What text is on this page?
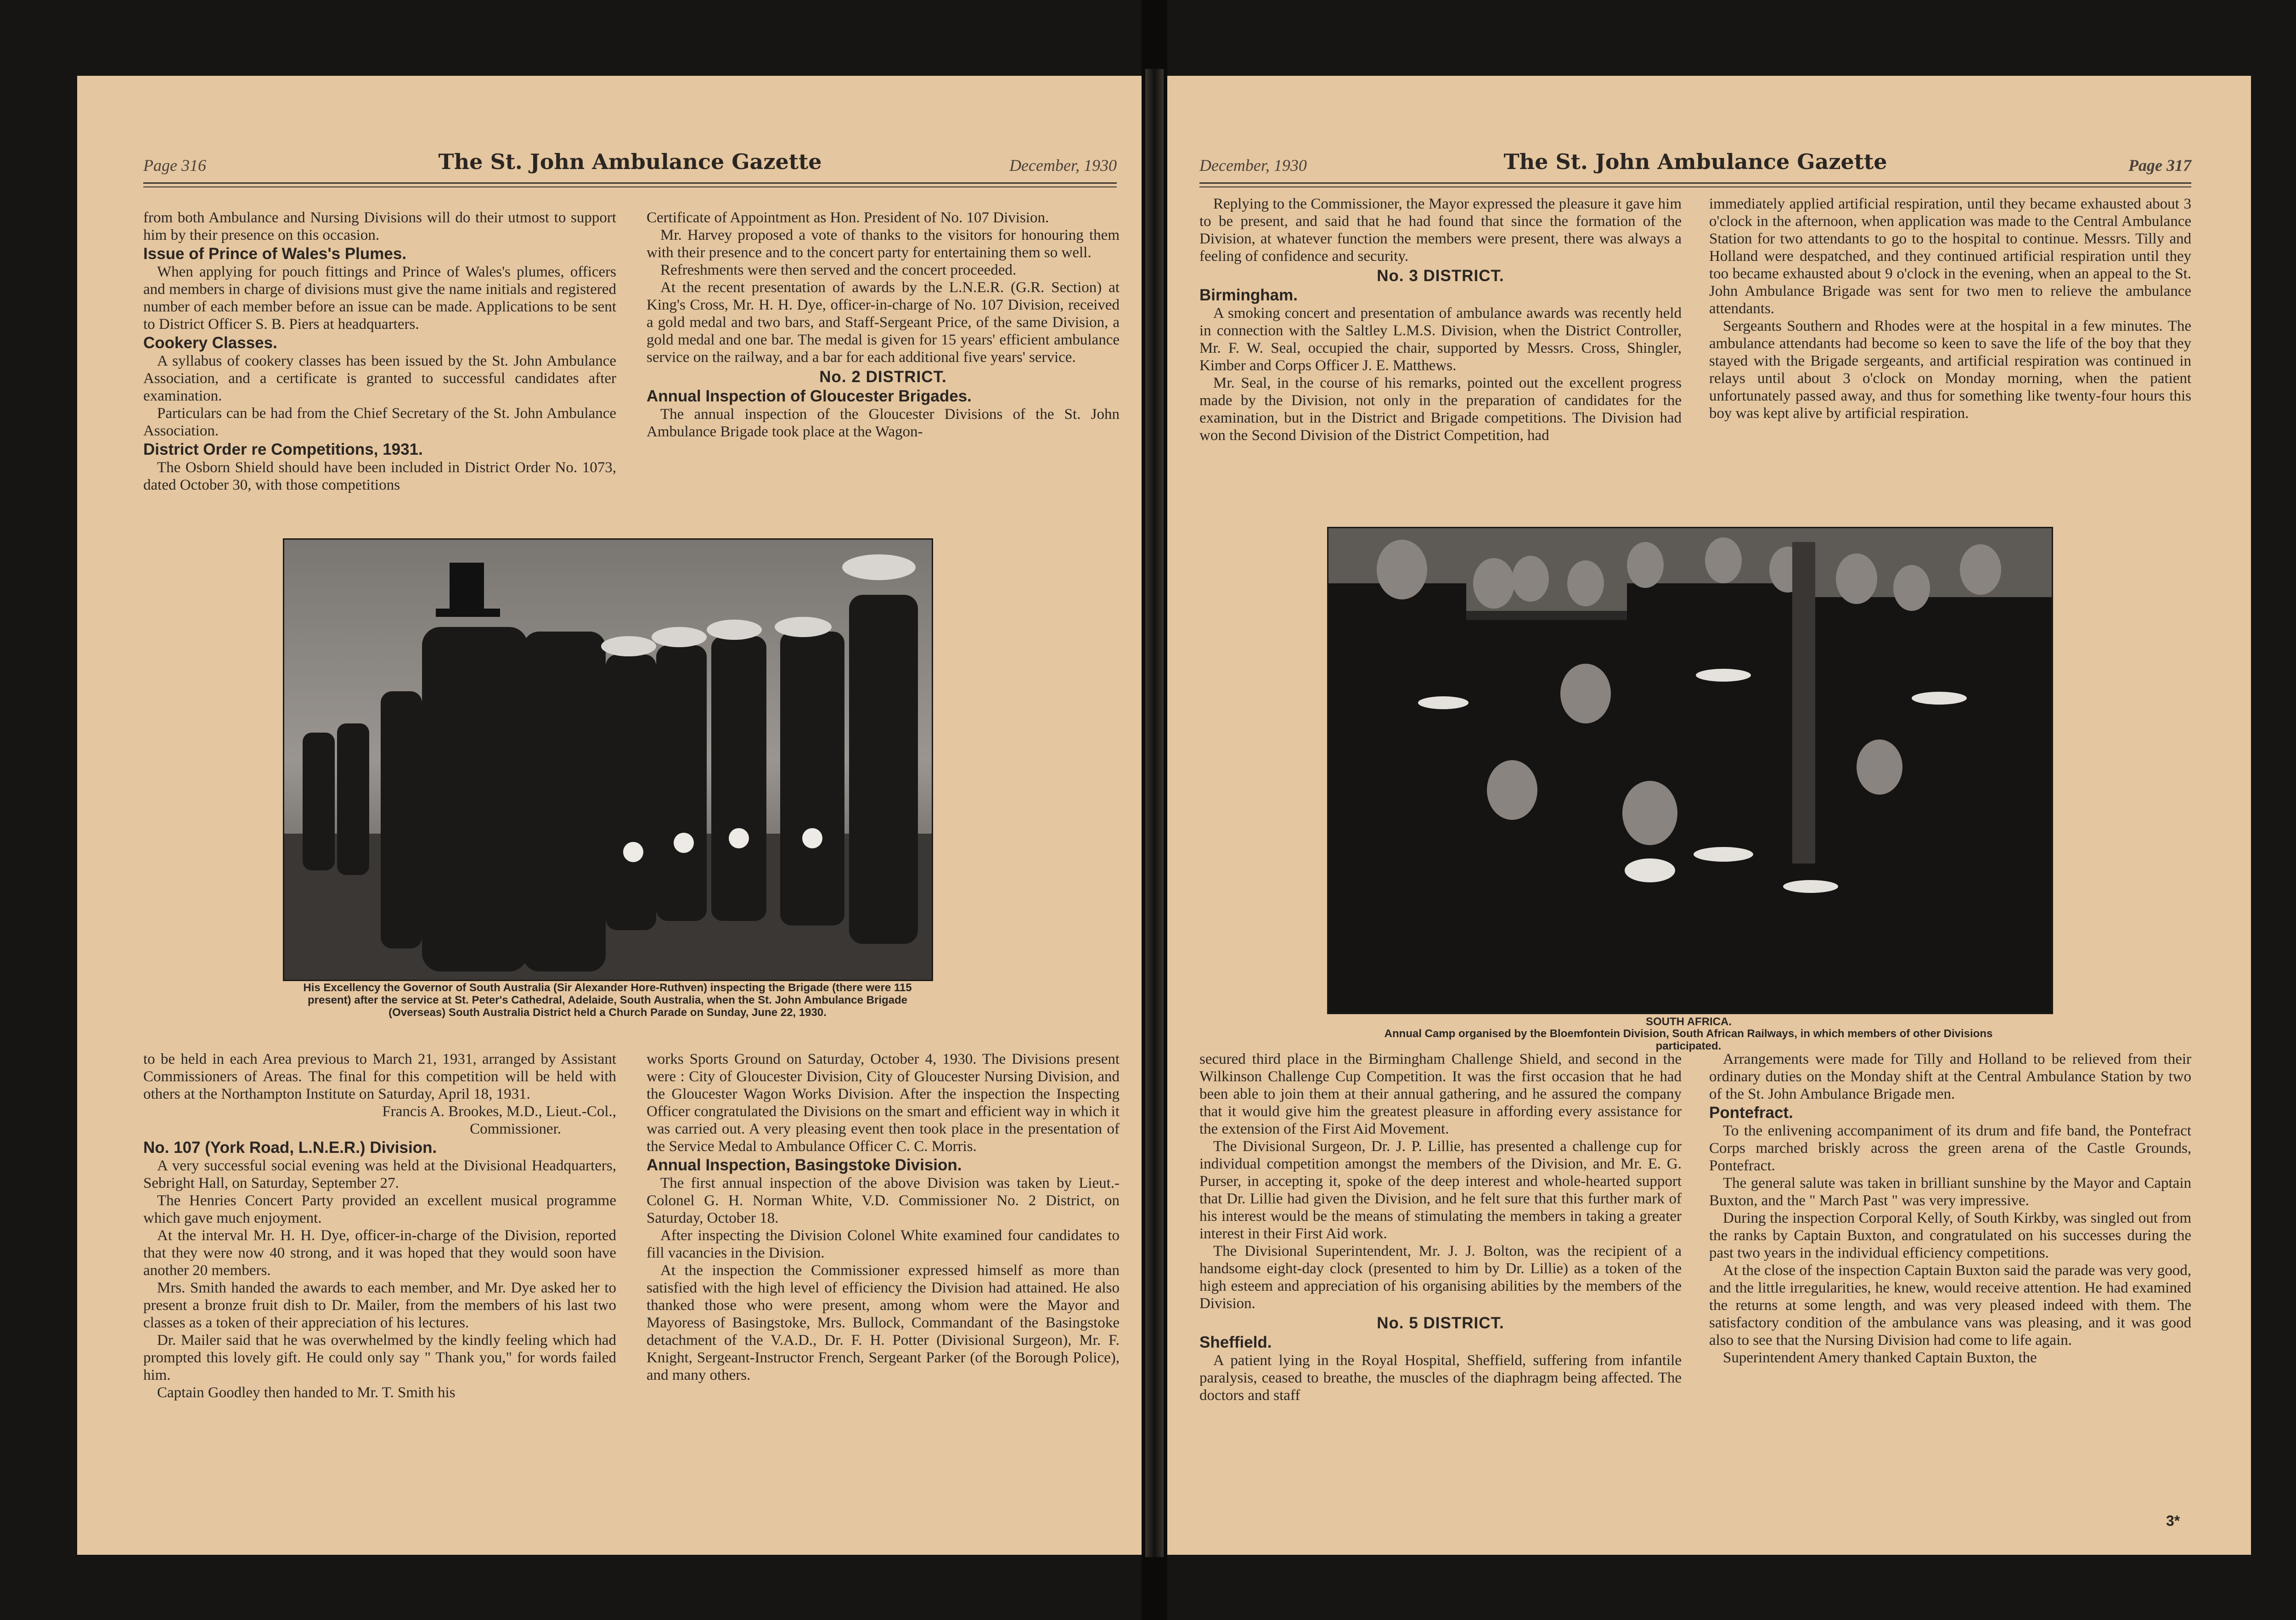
Page 316	The St. John Ambulance Gazette	December, 1930

from both Ambulance and Nursing Divisions will do their utmost to support him by their presence on this occasion.

Issue of Prince of Wales's Plumes.

When applying for pouch fittings and Prince of Wales's plumes, officers and members in charge of divisions must give the name initials and registered number of each member before an issue can be made. Applications to be sent to District Officer S. B. Piers at headquarters.

Cookery Classes.

A syllabus of cookery classes has been issued by the St. John Ambulance Association, and a certificate is granted to successful candidates after examination.

Particulars can be had from the Chief Secretary of the St. John Ambulance Association.

District Order re Competitions, 1931.

The Osborn Shield should have been included in District Order No. 1073, dated October 30, with those competitions

Certificate of Appointment as Hon. President of No. 107 Division.

Mr. Harvey proposed a vote of thanks to the visitors for honouring them with their presence and to the concert party for entertaining them so well.

Refreshments were then served and the concert proceeded.

At the recent presentation of awards by the L.N.E.R. (G.R. Section) at King's Cross, Mr. H. H. Dye, officer-in-charge of No. 107 Division, received a gold medal and two bars, and Staff-Sergeant Price, of the same Division, a gold medal and one bar. The medal is given for 15 years' efficient ambulance service on the railway, and a bar for each additional five years' service.

No. 2 DISTRICT.
Annual Inspection of Gloucester Brigades.

The annual inspection of the Gloucester Divisions of the St. John Ambulance Brigade took place at the Wagon-

His Excellency the Governor of South Australia (Sir Alexander Hore-Ruthven) inspecting the Brigade (there were 115 present) after the service at St. Peter's Cathedral, Adelaide, South Australia, when the St. John Ambulance Brigade (Overseas) South Australia District held a Church Parade on Sunday, June 22, 1930.

to be held in each Area previous to March 21, 1931, arranged by Assistant Commissioners of Areas. The final for this competition will be held with others at the Northampton Institute on Saturday, April 18, 1931.

Francis A. Brookes, M.D., Lieut.-Col.,

Commissioner.

No. 107 (York Road, L.N.E.R.) Division.

A very successful social evening was held at the Divisional Headquarters, Sebright Hall, on Saturday, September 27.

The Henries Concert Party provided an excellent musical programme which gave much enjoyment.

At the interval Mr. H. H. Dye, officer-in-charge of the Division, reported that they were now 40 strong, and it was hoped that they would soon have another 20 members.

Mrs. Smith handed the awards to each member, and Mr. Dye asked her to present a bronze fruit dish to Dr. Mailer, from the members of his last two classes as a token of their appreciation of his lectures.

Dr. Mailer said that he was overwhelmed by the kindly feeling which had prompted this lovely gift. He could only say " Thank you," for words failed him.

Captain Goodley then handed to Mr. T. Smith his

works Sports Ground on Saturday, October 4, 1930. The Divisions present were : City of Gloucester Division, City of Gloucester Nursing Division, and the Gloucester Wagon Works Division. After the inspection the Inspecting Officer congratulated the Divisions on the smart and efficient way in which it was carried out. A very pleasing event then took place in the presentation of the Service Medal to Ambulance Officer C. C. Morris.

Annual Inspection, Basingstoke Division.

The first annual inspection of the above Division was taken by Lieut.-Colonel G. H. Norman White, V.D. Commissioner No. 2 District, on Saturday, October 18.

After inspecting the Division Colonel White examined four candidates to fill vacancies in the Division.

At the inspection the Commissioner expressed himself as more than satisfied with the high level of efficiency the Division had attained. He also thanked those who were present, among whom were the Mayor and Mayoress of Basingstoke, Mrs. Bullock, Commandant of the Basingstoke detachment of the V.A.D., Dr. F. H. Potter (Divisional Surgeon), Mr. F. Knight, Sergeant-Instructor French, Sergeant Parker (of the Borough Police), and many others.

December, 1930	The St. John Ambulance Gazette	Page 317

Replying to the Commissioner, the Mayor expressed the pleasure it gave him to be present, and said that he had found that since the formation of the Division, at whatever function the members were present, there was always a feeling of confidence and security.

No. 3 DISTRICT.
Birmingham.

A smoking concert and presentation of ambulance awards was recently held in connection with the Saltley L.M.S. Division, when the District Controller, Mr. F. W. Seal, occupied the chair, supported by Messrs. Cross, Shingler, Kimber and Corps Officer J. E. Matthews.

Mr. Seal, in the course of his remarks, pointed out the excellent progress made by the Division, not only in the preparation of candidates for the examination, but in the District and Brigade competitions. The Division had won the Second Division of the District Competition, had

immediately applied artificial respiration, until they became exhausted about 3 o'clock in the afternoon, when application was made to the Central Ambulance Station for two attendants to go to the hospital to continue. Messrs. Tilly and Holland were despatched, and they continued artificial respiration until they too became exhausted about 9 o'clock in the evening, when an appeal to the St. John Ambulance Brigade was sent for two men to relieve the ambulance attendants.

Sergeants Southern and Rhodes were at the hospital in a few minutes. The ambulance attendants had become so keen to save the life of the boy that they stayed with the Brigade sergeants, and artificial respiration was continued in relays until about 3 o'clock on Monday morning, when the patient unfortunately passed away, and thus for something like twenty-four hours this boy was kept alive by artificial respiration.

SOUTH AFRICA.
Annual Camp organised by the Bloemfontein Division, South African Railways, in which members of other Divisions participated.

secured third place in the Birmingham Challenge Shield, and second in the Wilkinson Challenge Cup Competition. It was the first occasion that he had been able to join them at their annual gathering, and he assured the company that it would give him the greatest pleasure in affording every assistance for the extension of the First Aid Movement.

The Divisional Surgeon, Dr. J. P. Lillie, has presented a challenge cup for individual competition amongst the members of the Division, and Mr. E. G. Purser, in accepting it, spoke of the deep interest and whole-hearted support that Dr. Lillie had given the Division, and he felt sure that this further mark of his interest would be the means of stimulating the members in taking a greater interest in their First Aid work.

The Divisional Superintendent, Mr. J. J. Bolton, was the recipient of a handsome eight-day clock (presented to him by Dr. Lillie) as a token of the high esteem and appreciation of his organising abilities by the members of the Division.

No. 5 DISTRICT.
Sheffield.

A patient lying in the Royal Hospital, Sheffield, suffering from infantile paralysis, ceased to breathe, the muscles of the diaphragm being affected. The doctors and staff

Arrangements were made for Tilly and Holland to be relieved from their ordinary duties on the Monday shift at the Central Ambulance Station by two of the St. John Ambulance Brigade men.

Pontefract.

To the enlivening accompaniment of its drum and fife band, the Pontefract Corps marched briskly across the green arena of the Castle Grounds, Pontefract.

The general salute was taken in brilliant sunshine by the Mayor and Captain Buxton, and the " March Past " was very impressive.

During the inspection Corporal Kelly, of South Kirkby, was singled out from the ranks by Captain Buxton, and congratulated on his successes during the past two years in the individual efficiency competitions.

At the close of the inspection Captain Buxton said the parade was very good, and the little irregularities, he knew, would receive attention. He had examined the returns at some length, and was very pleased indeed with them. The satisfactory condition of the ambulance vans was pleasing, and it was good also to see that the Nursing Division had come to life again.

Superintendent Amery thanked Captain Buxton, the

3*
